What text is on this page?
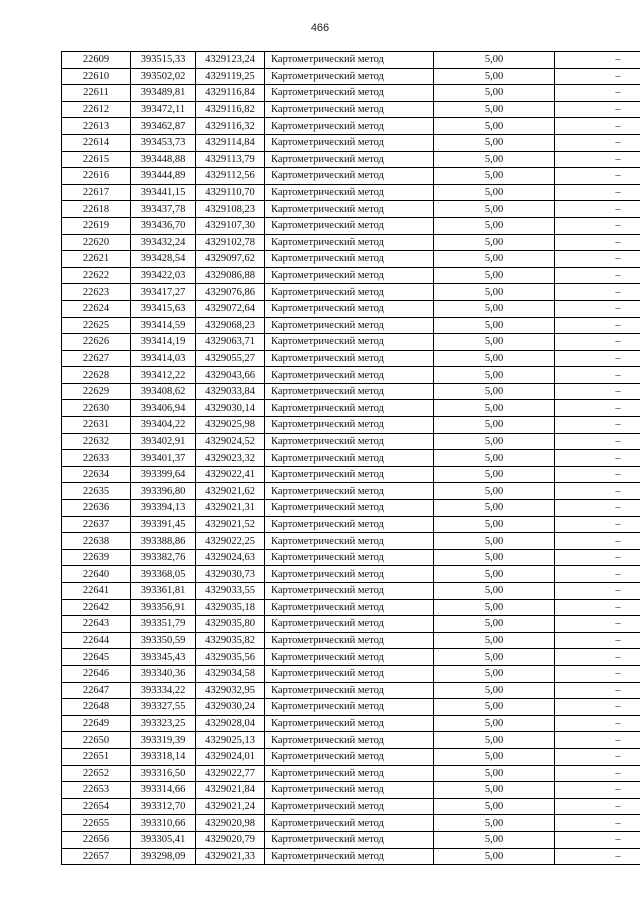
466
22609	393515,33	4329123,24	Картометрический метод	5,00	–
22610	393502,02	4329119,25	Картометрический метод	5,00	–
22611	393489,81	4329116,84	Картометрический метод	5,00	–
22612	393472,11	4329116,82	Картометрический метод	5,00	–
22613	393462,87	4329116,32	Картометрический метод	5,00	–
22614	393453,73	4329114,84	Картометрический метод	5,00	–
22615	393448,88	4329113,79	Картометрический метод	5,00	–
22616	393444,89	4329112,56	Картометрический метод	5,00	–
22617	393441,15	4329110,70	Картометрический метод	5,00	–
22618	393437,78	4329108,23	Картометрический метод	5,00	–
22619	393436,70	4329107,30	Картометрический метод	5,00	–
22620	393432,24	4329102,78	Картометрический метод	5,00	–
22621	393428,54	4329097,62	Картометрический метод	5,00	–
22622	393422,03	4329086,88	Картометрический метод	5,00	–
22623	393417,27	4329076,86	Картометрический метод	5,00	–
22624	393415,63	4329072,64	Картометрический метод	5,00	–
22625	393414,59	4329068,23	Картометрический метод	5,00	–
22626	393414,19	4329063,71	Картометрический метод	5,00	–
22627	393414,03	4329055,27	Картометрический метод	5,00	–
22628	393412,22	4329043,66	Картометрический метод	5,00	–
22629	393408,62	4329033,84	Картометрический метод	5,00	–
22630	393406,94	4329030,14	Картометрический метод	5,00	–
22631	393404,22	4329025,98	Картометрический метод	5,00	–
22632	393402,91	4329024,52	Картометрический метод	5,00	–
22633	393401,37	4329023,32	Картометрический метод	5,00	–
22634	393399,64	4329022,41	Картометрический метод	5,00	–
22635	393396,80	4329021,62	Картометрический метод	5,00	–
22636	393394,13	4329021,31	Картометрический метод	5,00	–
22637	393391,45	4329021,52	Картометрический метод	5,00	–
22638	393388,86	4329022,25	Картометрический метод	5,00	–
22639	393382,76	4329024,63	Картометрический метод	5,00	–
22640	393368,05	4329030,73	Картометрический метод	5,00	–
22641	393361,81	4329033,55	Картометрический метод	5,00	–
22642	393356,91	4329035,18	Картометрический метод	5,00	–
22643	393351,79	4329035,80	Картометрический метод	5,00	–
22644	393350,59	4329035,82	Картометрический метод	5,00	–
22645	393345,43	4329035,56	Картометрический метод	5,00	–
22646	393340,36	4329034,58	Картометрический метод	5,00	–
22647	393334,22	4329032,95	Картометрический метод	5,00	–
22648	393327,55	4329030,24	Картометрический метод	5,00	–
22649	393323,25	4329028,04	Картометрический метод	5,00	–
22650	393319,39	4329025,13	Картометрический метод	5,00	–
22651	393318,14	4329024,01	Картометрический метод	5,00	–
22652	393316,50	4329022,77	Картометрический метод	5,00	–
22653	393314,66	4329021,84	Картометрический метод	5,00	–
22654	393312,70	4329021,24	Картометрический метод	5,00	–
22655	393310,66	4329020,98	Картометрический метод	5,00	–
22656	393305,41	4329020,79	Картометрический метод	5,00	–
22657	393298,09	4329021,33	Картометрический метод	5,00	–
